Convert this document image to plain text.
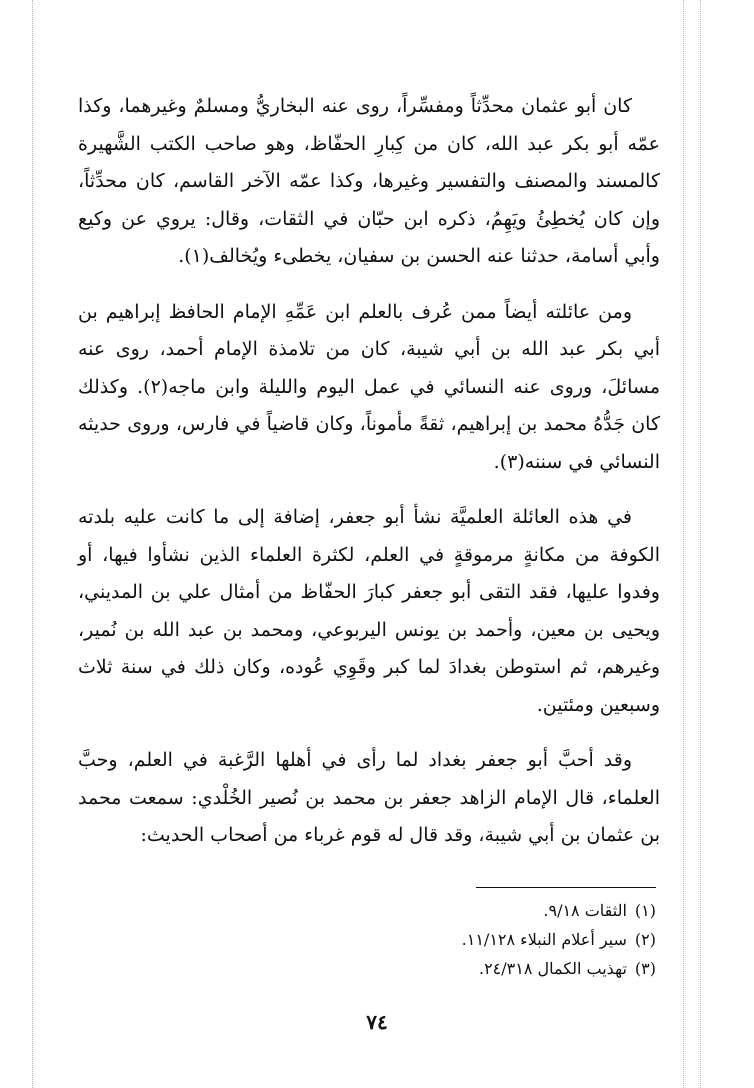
كان أبو عثمان محدِّثاً ومفسِّراً، روى عنه البخاريُّ ومسلمٌ وغيرهما، وكذا عمّه أبو بكر عبد الله، كان من كِبارِ الحفّاظ، وهو صاحب الكتب الشَّهيرة كالمسند والمصنف والتفسير وغيرها، وكذا عمّه الآخر القاسم، كان محدِّثاً، وإن كان يُخطِئُ ويَهِمُ، ذكره ابن حبّان في الثقات، وقال: يروي عن وكيع وأبي أسامة، حدثنا عنه الحسن بن سفيان، يخطىء ويُخالف(١).

ومن عائلته أيضاً ممن عُرف بالعلم ابن عَمِّهِ الإمام الحافظ إبراهيم بن أبي بكر عبد الله بن أبي شيبة، كان من تلامذة الإمام أحمد، روى عنه مسائلَ، وروى عنه النسائي في عمل اليوم والليلة وابن ماجه(٢). وكذلك كان جَدُّهُ محمد بن إبراهيم، ثقةً مأموناً، وكان قاضياً في فارس، وروى حديثه النسائي في سننه(٣).

في هذه العائلة العلميَّة نشأ أبو جعفر، إضافة إلى ما كانت عليه بلدته الكوفة من مكانةٍ مرموقةٍ في العلم، لكثرة العلماء الذين نشأوا فيها، أو وفدوا عليها، فقد التقى أبو جعفر كبارَ الحفّاظ من أمثال علي بن المديني، ويحيى بن معين، وأحمد بن يونس اليربوعي، ومحمد بن عبد الله بن نُمير، وغيرهم، ثم استوطن بغدادَ لما كبر وقَوِي عُوده، وكان ذلك في سنة ثلاث وسبعين ومئتين.

وقد أحبَّ أبو جعفر بغداد لما رأى في أهلها الرَّغبة في العلم، وحبَّ العلماء، قال الإمام الزاهد جعفر بن محمد بن نُصير الخُلْدي: سمعت محمد بن عثمان بن أبي شيبة، وقد قال له قوم غرباء من أصحاب الحديث:

(١)الثقات ٩/١٨.
(٢)سير أعلام النبلاء ١١/١٢٨.
(٣)تهذيب الكمال ٢٤/٣١٨.
٧٤
